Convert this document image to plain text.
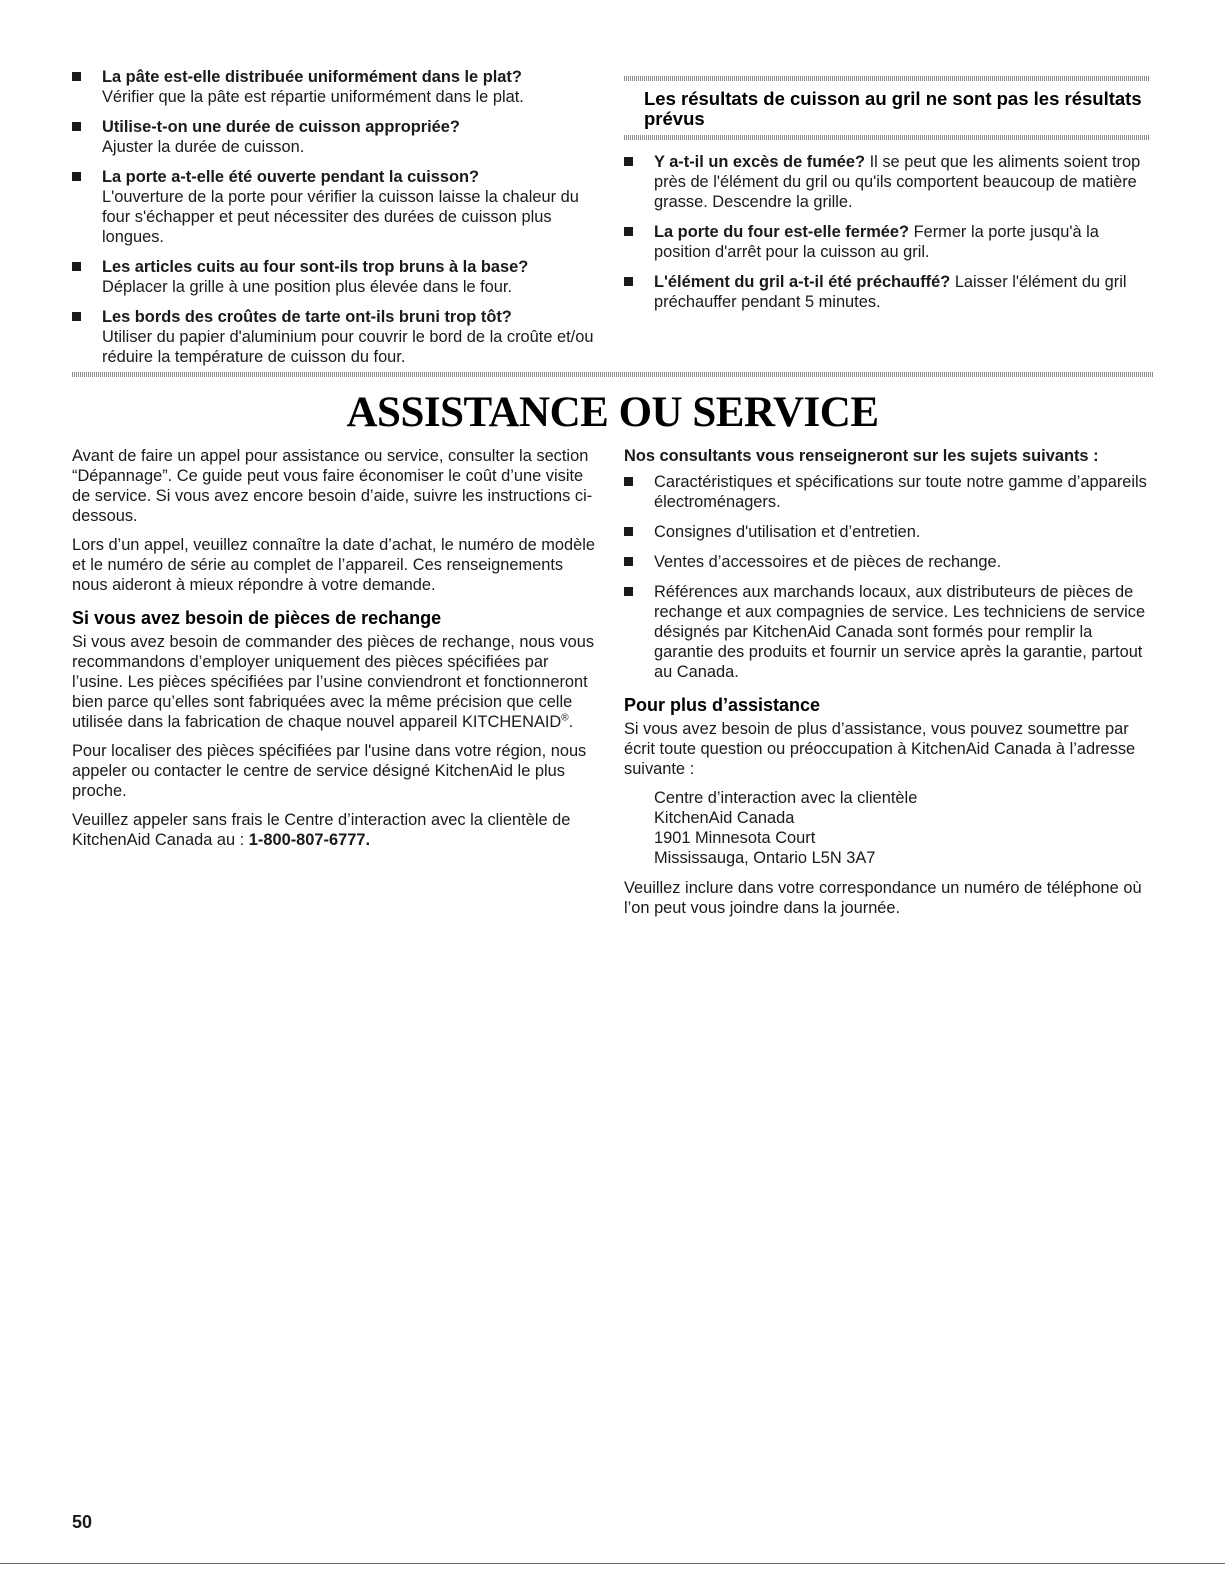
La pâte est-elle distribuée uniformément dans le plat?
Vérifier que la pâte est répartie uniformément dans le plat.
Utilise-t-on une durée de cuisson appropriée?
Ajuster la durée de cuisson.
La porte a-t-elle été ouverte pendant la cuisson?
L'ouverture de la porte pour vérifier la cuisson laisse la chaleur du four s'échapper et peut nécessiter des durées de cuisson plus longues.
Les articles cuits au four sont-ils trop bruns à la base?
Déplacer la grille à une position plus élevée dans le four.
Les bords des croûtes de tarte ont-ils bruni trop tôt?
Utiliser du papier d'aluminium pour couvrir le bord de la croûte et/ou réduire la température de cuisson du four.
Les résultats de cuisson au gril ne sont pas les résultats prévus
Y a-t-il un excès de fumée? Il se peut que les aliments soient trop près de l'élément du gril ou qu'ils comportent beaucoup de matière grasse. Descendre la grille.
La porte du four est-elle fermée? Fermer la porte jusqu'à la position d'arrêt pour la cuisson au gril.
L'élément du gril a-t-il été préchauffé? Laisser l'élément du gril préchauffer pendant 5 minutes.
ASSISTANCE OU SERVICE

Avant de faire un appel pour assistance ou service, consulter la section “Dépannage”. Ce guide peut vous faire économiser le coût d’une visite de service. Si vous avez encore besoin d’aide, suivre les instructions ci-dessous.

Lors d’un appel, veuillez connaître la date d’achat, le numéro de modèle et le numéro de série au complet de l’appareil. Ces renseignements nous aideront à mieux répondre à votre demande.

Si vous avez besoin de pièces de rechange

Si vous avez besoin de commander des pièces de rechange, nous vous recommandons d’employer uniquement des pièces spécifiées par l’usine. Les pièces spécifiées par l’usine conviendront et fonctionneront bien parce qu’elles sont fabriquées avec la même précision que celle utilisée dans la fabrication de chaque nouvel appareil KITCHENAID®.

Pour localiser des pièces spécifiées par l'usine dans votre région, nous appeler ou contacter le centre de service désigné KitchenAid le plus proche.

Veuillez appeler sans frais le Centre d’interaction avec la clientèle de KitchenAid Canada au : 1-800-807-6777.

Nos consultants vous renseigneront sur les sujets suivants :
Caractéristiques et spécifications sur toute notre gamme d’appareils électroménagers.
Consignes d'utilisation et d’entretien.
Ventes d’accessoires et de pièces de rechange.
Références aux marchands locaux, aux distributeurs de pièces de rechange et aux compagnies de service. Les techniciens de service désignés par KitchenAid Canada sont formés pour remplir la garantie des produits et fournir un service après la garantie, partout au Canada.
Pour plus d’assistance

Si vous avez besoin de plus d’assistance, vous pouvez soumettre par écrit toute question ou préoccupation à KitchenAid Canada à l’adresse suivante :

Centre d’interaction avec la clientèle
KitchenAid Canada
1901 Minnesota Court
Mississauga, Ontario L5N 3A7

Veuillez inclure dans votre correspondance un numéro de téléphone où l’on peut vous joindre dans la journée.

50
